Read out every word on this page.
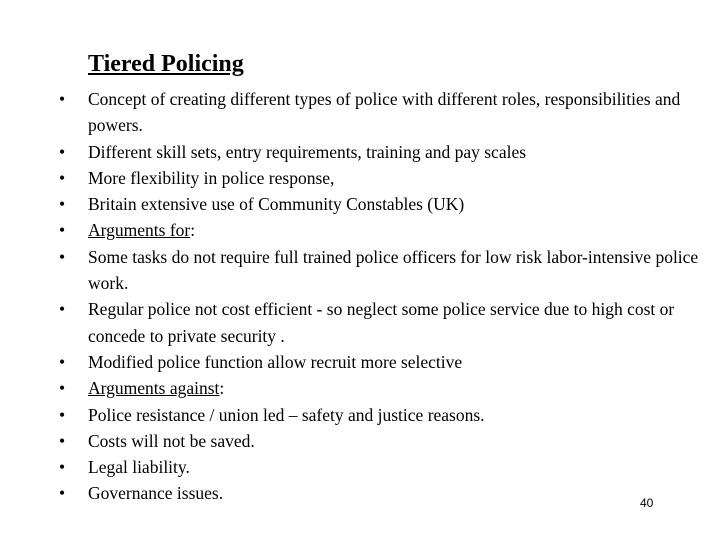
Tiered Policing
•	Concept of creating different types of police with different roles, responsibilities and powers.
•	Different skill sets, entry requirements, training and pay scales
•	More flexibility in police response,
•	Britain extensive use of Community Constables (UK)
•	Arguments for:
•	Some tasks do not require full trained police officers for low risk labor-intensive police work.
•	Regular police not cost efficient - so neglect some police service due to high cost or concede to private security .
•	Modified police function allow recruit more selective
•	Arguments against:
•	Police resistance / union led – safety and justice reasons.
•	Costs will not be saved.
•	Legal liability.
•	Governance issues.	40
